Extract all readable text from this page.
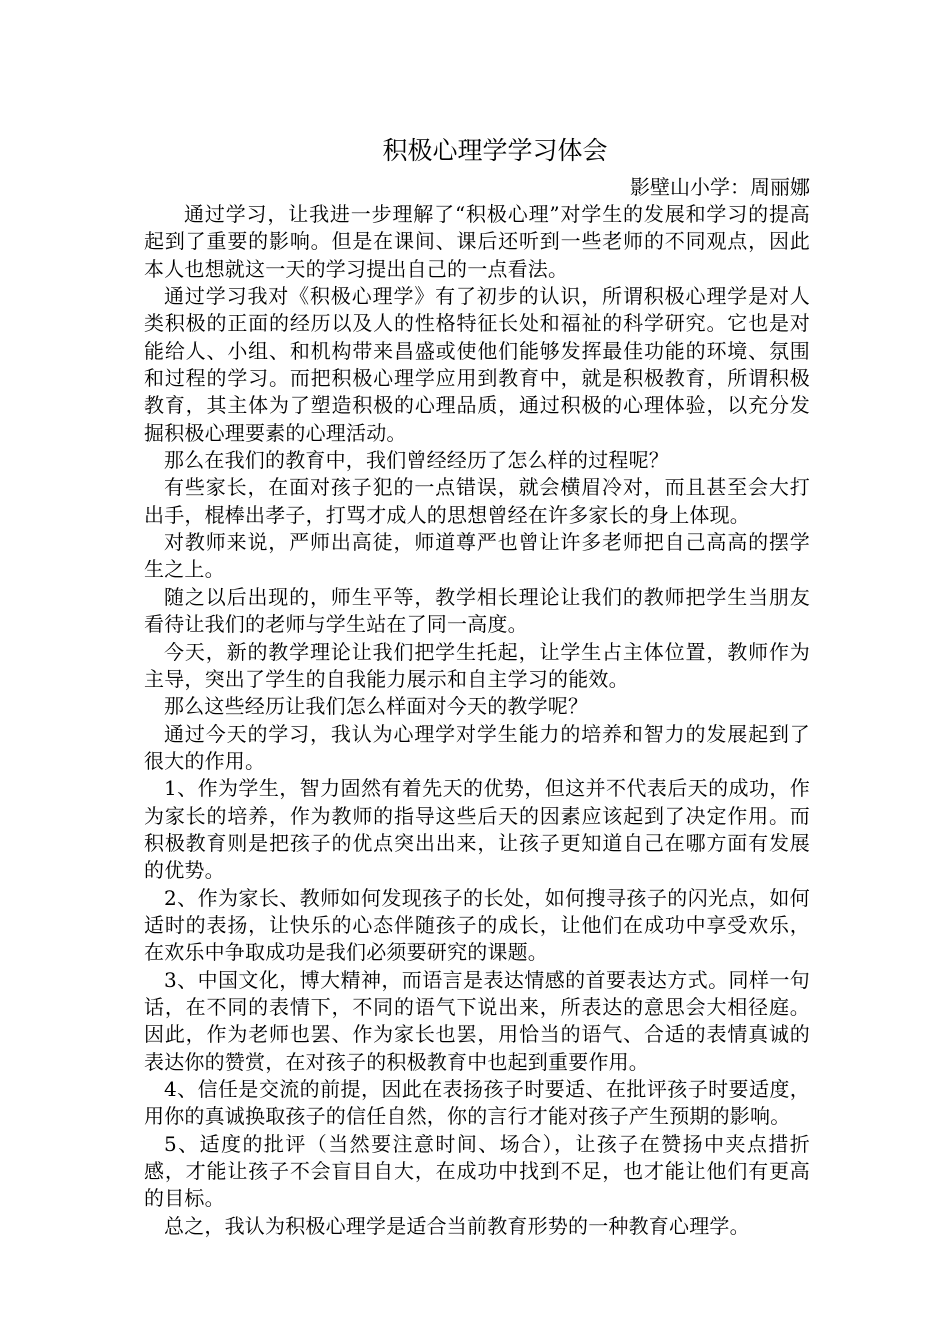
积极心理学学习体会
影壁山小学：周丽娜

通过学习，让我进一步理解了“积极心理”对学生的发展和学习的提高起到了重要的影响。但是在课间、课后还听到一些老师的不同观点，因此本人也想就这一天的学习提出自己的一点看法。

通过学习我对《积极心理学》有了初步的认识，所谓积极心理学是对人类积极的正面的经历以及人的性格特征长处和福祉的科学研究。它也是对能给人、小组、和机构带来昌盛或使他们能够发挥最佳功能的环境、氛围和过程的学习。而把积极心理学应用到教育中，就是积极教育，所谓积极教育，其主体为了塑造积极的心理品质，通过积极的心理体验，以充分发掘积极心理要素的心理活动。

那么在我们的教育中，我们曾经经历了怎么样的过程呢？

有些家长，在面对孩子犯的一点错误，就会横眉冷对，而且甚至会大打出手，棍棒出孝子，打骂才成人的思想曾经在许多家长的身上体现。

对教师来说，严师出高徒，师道尊严也曾让许多老师把自己高高的摆学生之上。

随之以后出现的，师生平等，教学相长理论让我们的教师把学生当朋友看待让我们的老师与学生站在了同一高度。

今天，新的教学理论让我们把学生托起，让学生占主体位置，教师作为主导，突出了学生的自我能力展示和自主学习的能效。

那么这些经历让我们怎么样面对今天的教学呢？

通过今天的学习，我认为心理学对学生能力的培养和智力的发展起到了很大的作用。

1、作为学生，智力固然有着先天的优势，但这并不代表后天的成功，作为家长的培养，作为教师的指导这些后天的因素应该起到了决定作用。而积极教育则是把孩子的优点突出出来，让孩子更知道自己在哪方面有发展的优势。

2、作为家长、教师如何发现孩子的长处，如何搜寻孩子的闪光点，如何适时的表扬，让快乐的心态伴随孩子的成长，让他们在成功中享受欢乐，在欢乐中争取成功是我们必须要研究的课题。

3、中国文化，博大精神，而语言是表达情感的首要表达方式。同样一句话，在不同的表情下，不同的语气下说出来，所表达的意思会大相径庭。因此，作为老师也罢、作为家长也罢，用恰当的语气、合适的表情真诚的表达你的赞赏，在对孩子的积极教育中也起到重要作用。

4、信任是交流的前提，因此在表扬孩子时要适、在批评孩子时要适度，用你的真诚换取孩子的信任自然，你的言行才能对孩子产生预期的影响。

5、适度的批评（当然要注意时间、场合），让孩子在赞扬中夹点措折感，才能让孩子不会盲目自大，在成功中找到不足，也才能让他们有更高的目标。

总之，我认为积极心理学是适合当前教育形势的一种教育心理学。
